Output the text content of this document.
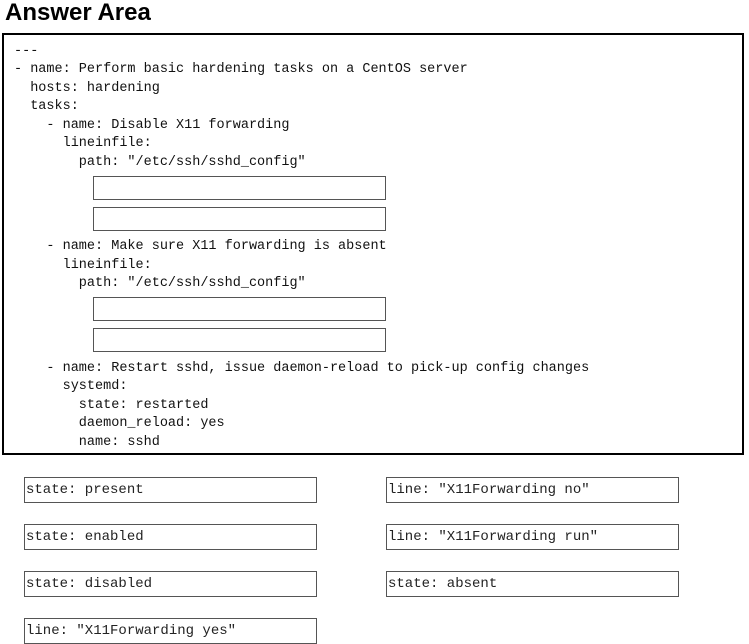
Answer Area
---
- name: Perform basic hardening tasks on a CentOS server
hosts: hardening
tasks:
- name: Disable X11 forwarding
lineinfile:
path: "/etc/ssh/sshd_config"
- name: Make sure X11 forwarding is absent
lineinfile:
path: "/etc/ssh/sshd_config"
- name: Restart sshd, issue daemon-reload to pick-up config changes
systemd:
state: restarted
daemon_reload: yes
name: sshd
state: present	line: "X11Forwarding no"
state: enabled	line: "X11Forwarding run"
state: disabled	state: absent
line: "X11Forwarding yes"
